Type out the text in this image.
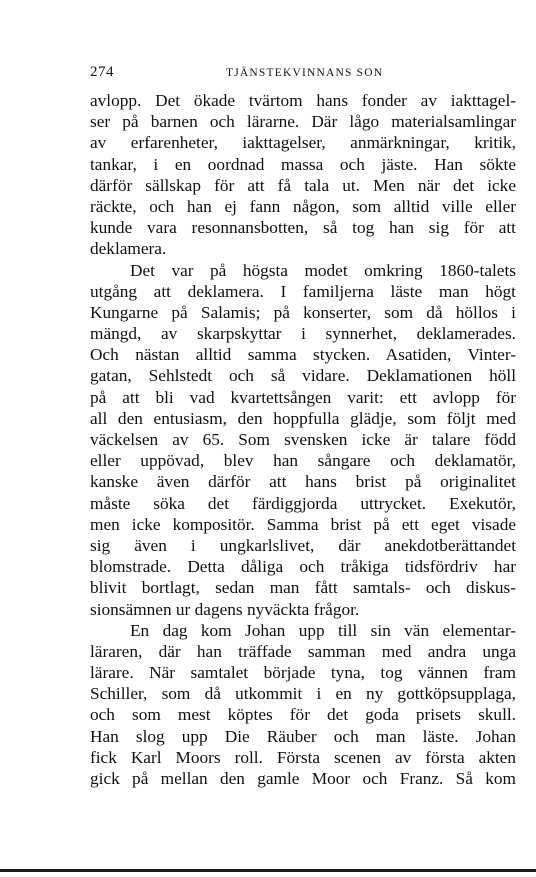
274	TJÄNSTEKVINNANS SON
avlopp. Det ökade tvärtom hans fonder av iakttagel-
ser på barnen och lärarne. Där lågo materialsamlingar
av erfarenheter, iakttagelser, anmärkningar, kritik,
tankar, i en oordnad massa och jäste. Han sökte
därför sällskap för att få tala ut. Men när det icke
räckte, och han ej fann någon, som alltid ville eller
kunde vara resonnansbotten, så tog han sig för att
deklamera.
Det var på högsta modet omkring 1860-talets
utgång att deklamera. I familjerna läste man högt
Kungarne på Salamis; på konserter, som då höllos i
mängd, av skarpskyttar i synnerhet, deklamerades.
Och nästan alltid samma stycken. Asatiden, Vinter-
gatan, Sehlstedt och så vidare. Deklamationen höll
på att bli vad kvartettsången varit: ett avlopp för
all den entusiasm, den hoppfulla glädje, som följt med
väckelsen av 65. Som svensken icke är talare född
eller uppövad, blev han sångare och deklamatör,
kanske även därför att hans brist på originalitet
måste söka det färdiggjorda uttrycket. Exekutör,
men icke kompositör. Samma brist på ett eget visade
sig även i ungkarlslivet, där anekdotberättandet
blomstrade. Detta dåliga och tråkiga tidsfördriv har
blivit bortlagt, sedan man fått samtals- och diskus-
sionsämnen ur dagens nyväckta frågor.
En dag kom Johan upp till sin vän elementar-
läraren, där han träffade samman med andra unga
lärare. När samtalet började tyna, tog vännen fram
Schiller, som då utkommit i en ny gottköpsupplaga,
och som mest köptes för det goda prisets skull.
Han slog upp Die Räuber och man läste. Johan
fick Karl Moors roll. Första scenen av första akten
gick på mellan den gamle Moor och Franz. Så kom
